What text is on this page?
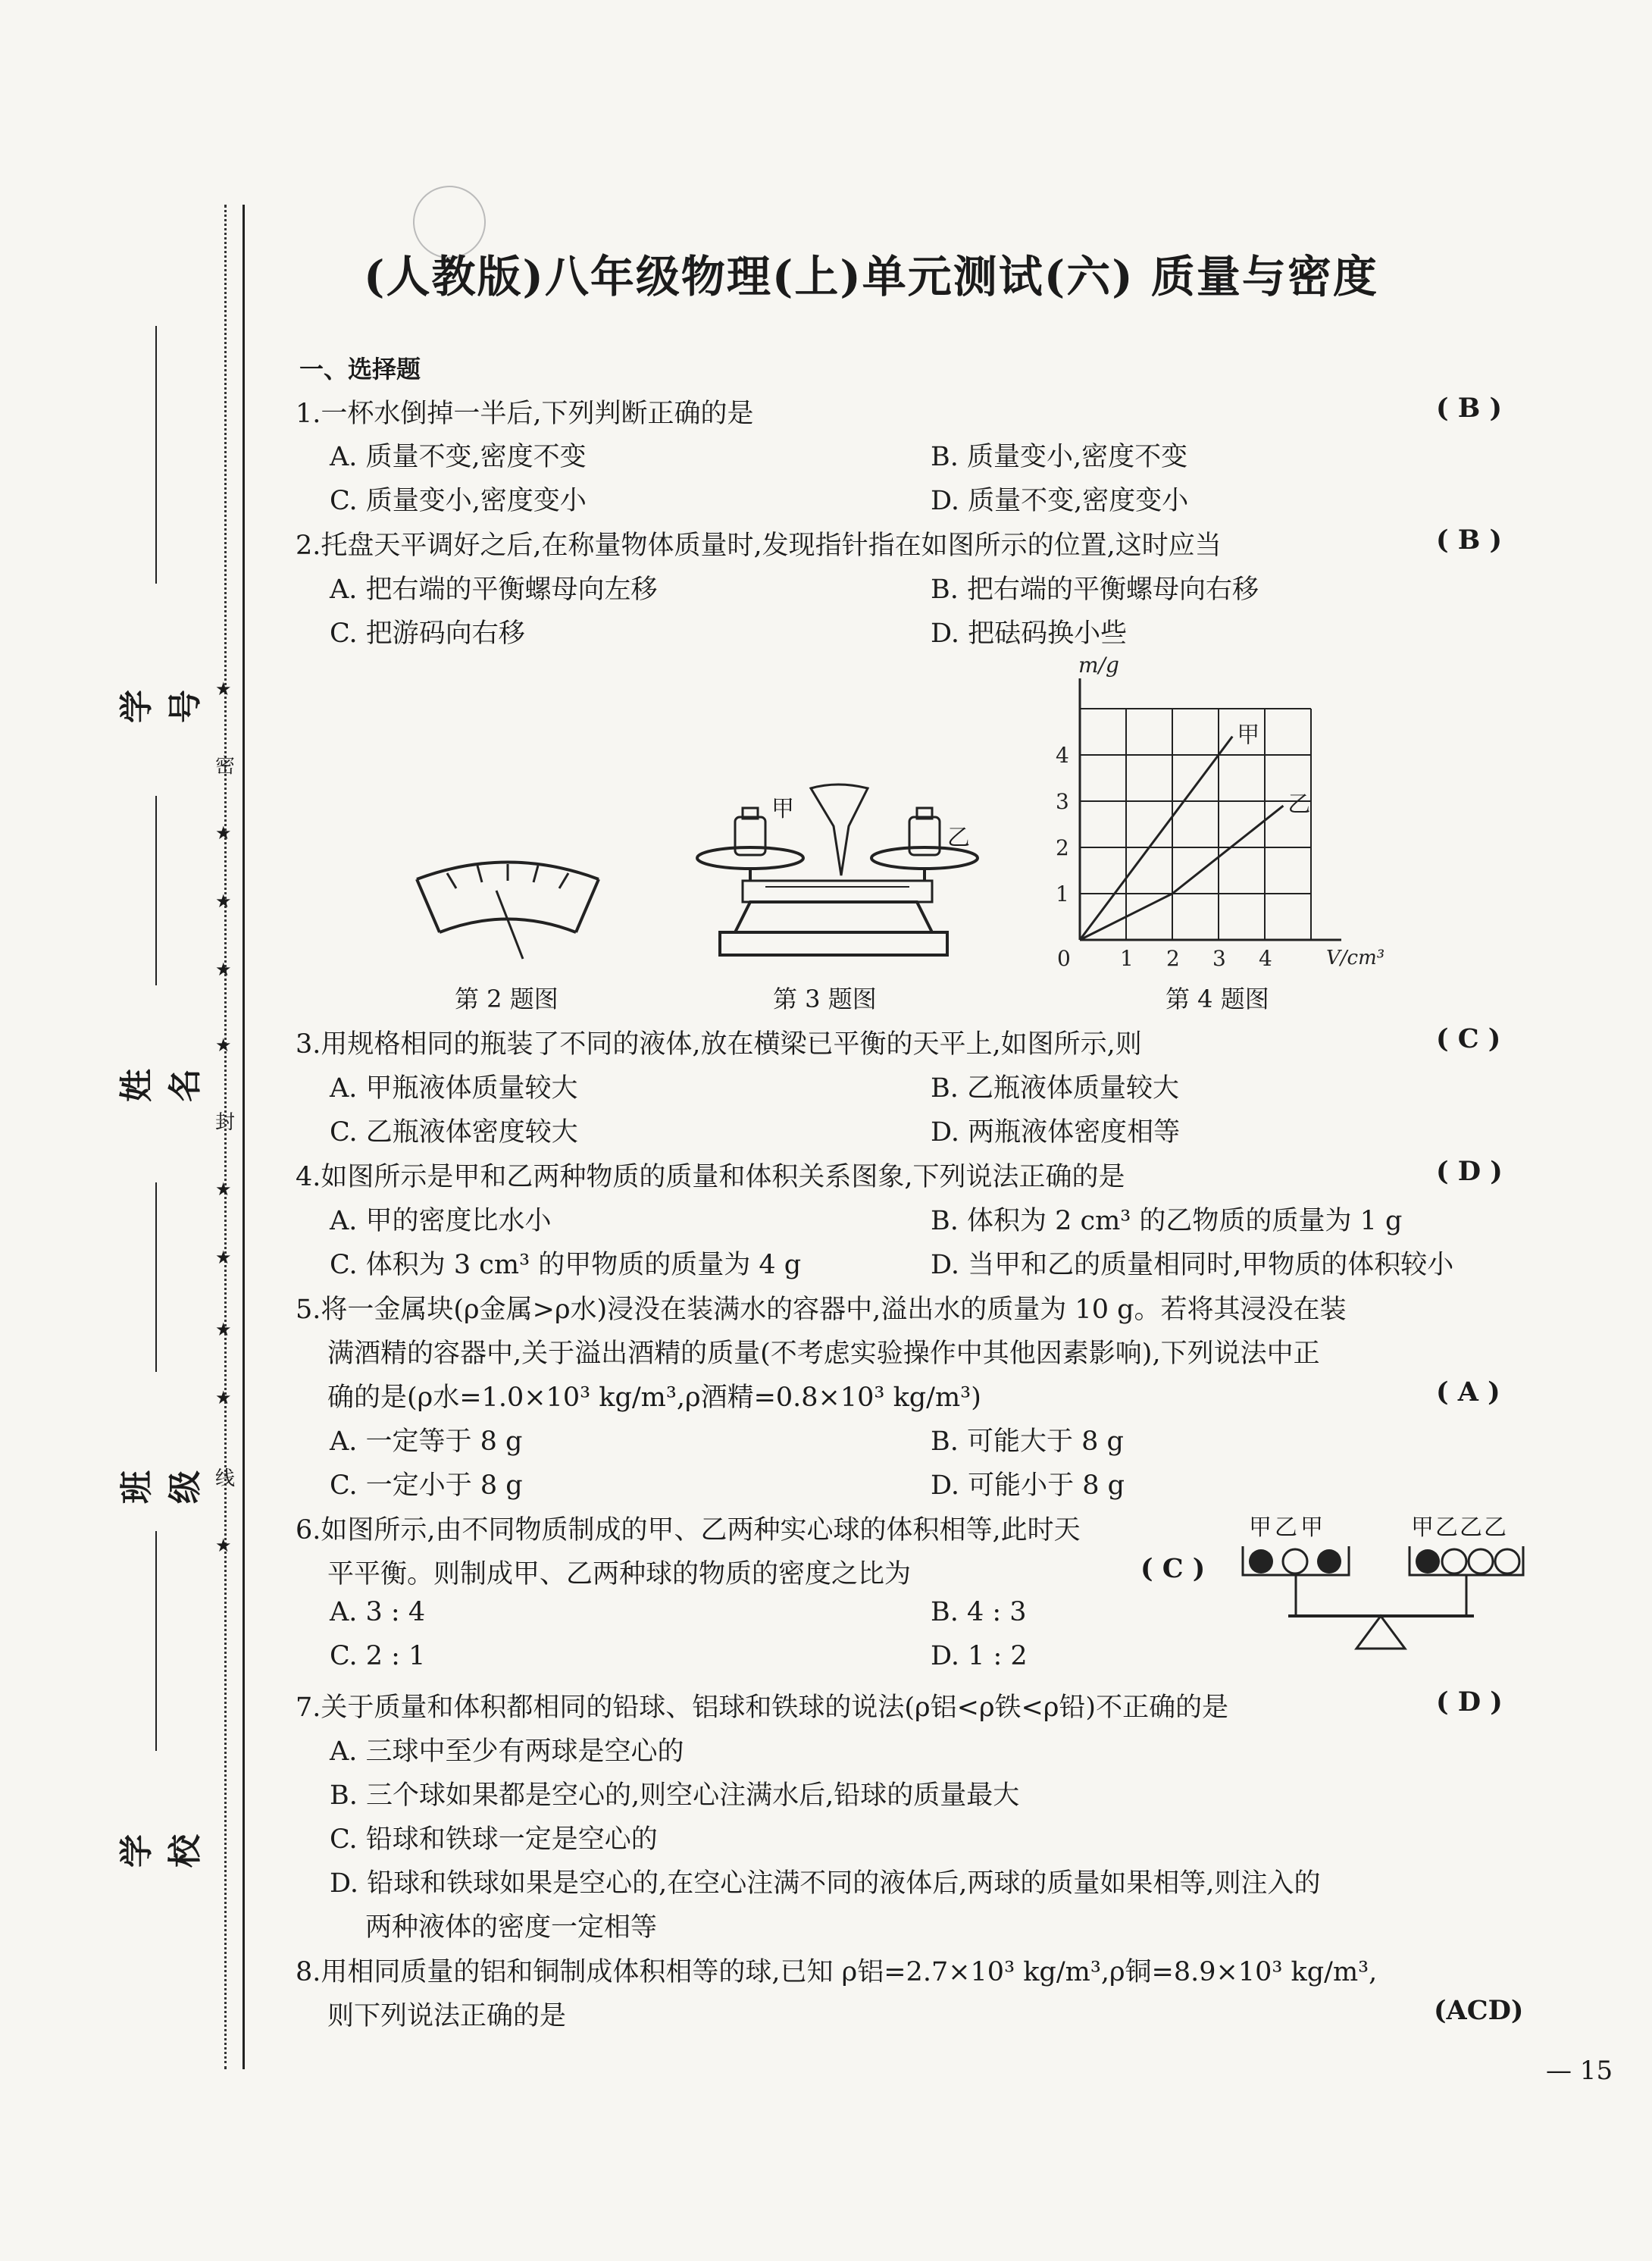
学号
姓名
班级
学校
★
密
★
★
★
★
封
★
★
★
★
线
★
(人教版)八年级物理(上)单元测试(六) 质量与密度
一、选择题
1.一杯水倒掉一半后,下列判断正确的是	( B )
A. 质量不变,密度不变	B. 质量变小,密度不变
C. 质量变小,密度变小	D. 质量不变,密度变小
2.托盘天平调好之后,在称量物体质量时,发现指针指在如图所示的位置,这时应当	( B )
A. 把右端的平衡螺母向左移	B. 把右端的平衡螺母向右移
C. 把游码向右移	D. 把砝码换小些
第 2 题图
甲
乙
第 3 题图
甲
乙
0 1 2 3 4
1
2
3
4
m/g
V/cm³
第 4 题图
3.用规格相同的瓶装了不同的液体,放在横梁已平衡的天平上,如图所示,则	( C )
A. 甲瓶液体质量较大	B. 乙瓶液体质量较大
C. 乙瓶液体密度较大	D. 两瓶液体密度相等
4.如图所示是甲和乙两种物质的质量和体积关系图象,下列说法正确的是	( D )
A. 甲的密度比水小	B. 体积为 2 cm³ 的乙物质的质量为 1 g
C. 体积为 3 cm³ 的甲物质的质量为 4 g	D. 当甲和乙的质量相同时,甲物质的体积较小
5.将一金属块(ρ金属>ρ水)浸没在装满水的容器中,溢出水的质量为 10 g。若将其浸没在装
满酒精的容器中,关于溢出酒精的质量(不考虑实验操作中其他因素影响),下列说法中正
确的是(ρ水=1.0×10³ kg/m³,ρ酒精=0.8×10³ kg/m³)	( A )
A. 一定等于 8 g	B. 可能大于 8 g
C. 一定小于 8 g	D. 可能小于 8 g
6.如图所示,由不同物质制成的甲、乙两种实心球的体积相等,此时天
平平衡。则制成甲、乙两种球的物质的密度之比为	( C )
A. 3 : 4	B. 4 : 3
C. 2 : 1	D. 1 : 2
甲乙甲	甲乙乙乙
7.关于质量和体积都相同的铅球、铝球和铁球的说法(ρ铝<ρ铁<ρ铅)不正确的是	( D )
A. 三球中至少有两球是空心的
B. 三个球如果都是空心的,则空心注满水后,铅球的质量最大
C. 铅球和铁球一定是空心的
D. 铅球和铁球如果是空心的,在空心注满不同的液体后,两球的质量如果相等,则注入的
两种液体的密度一定相等
8.用相同质量的铝和铜制成体积相等的球,已知 ρ铝=2.7×10³ kg/m³,ρ铜=8.9×10³ kg/m³,
则下列说法正确的是	(ACD)
— 15
